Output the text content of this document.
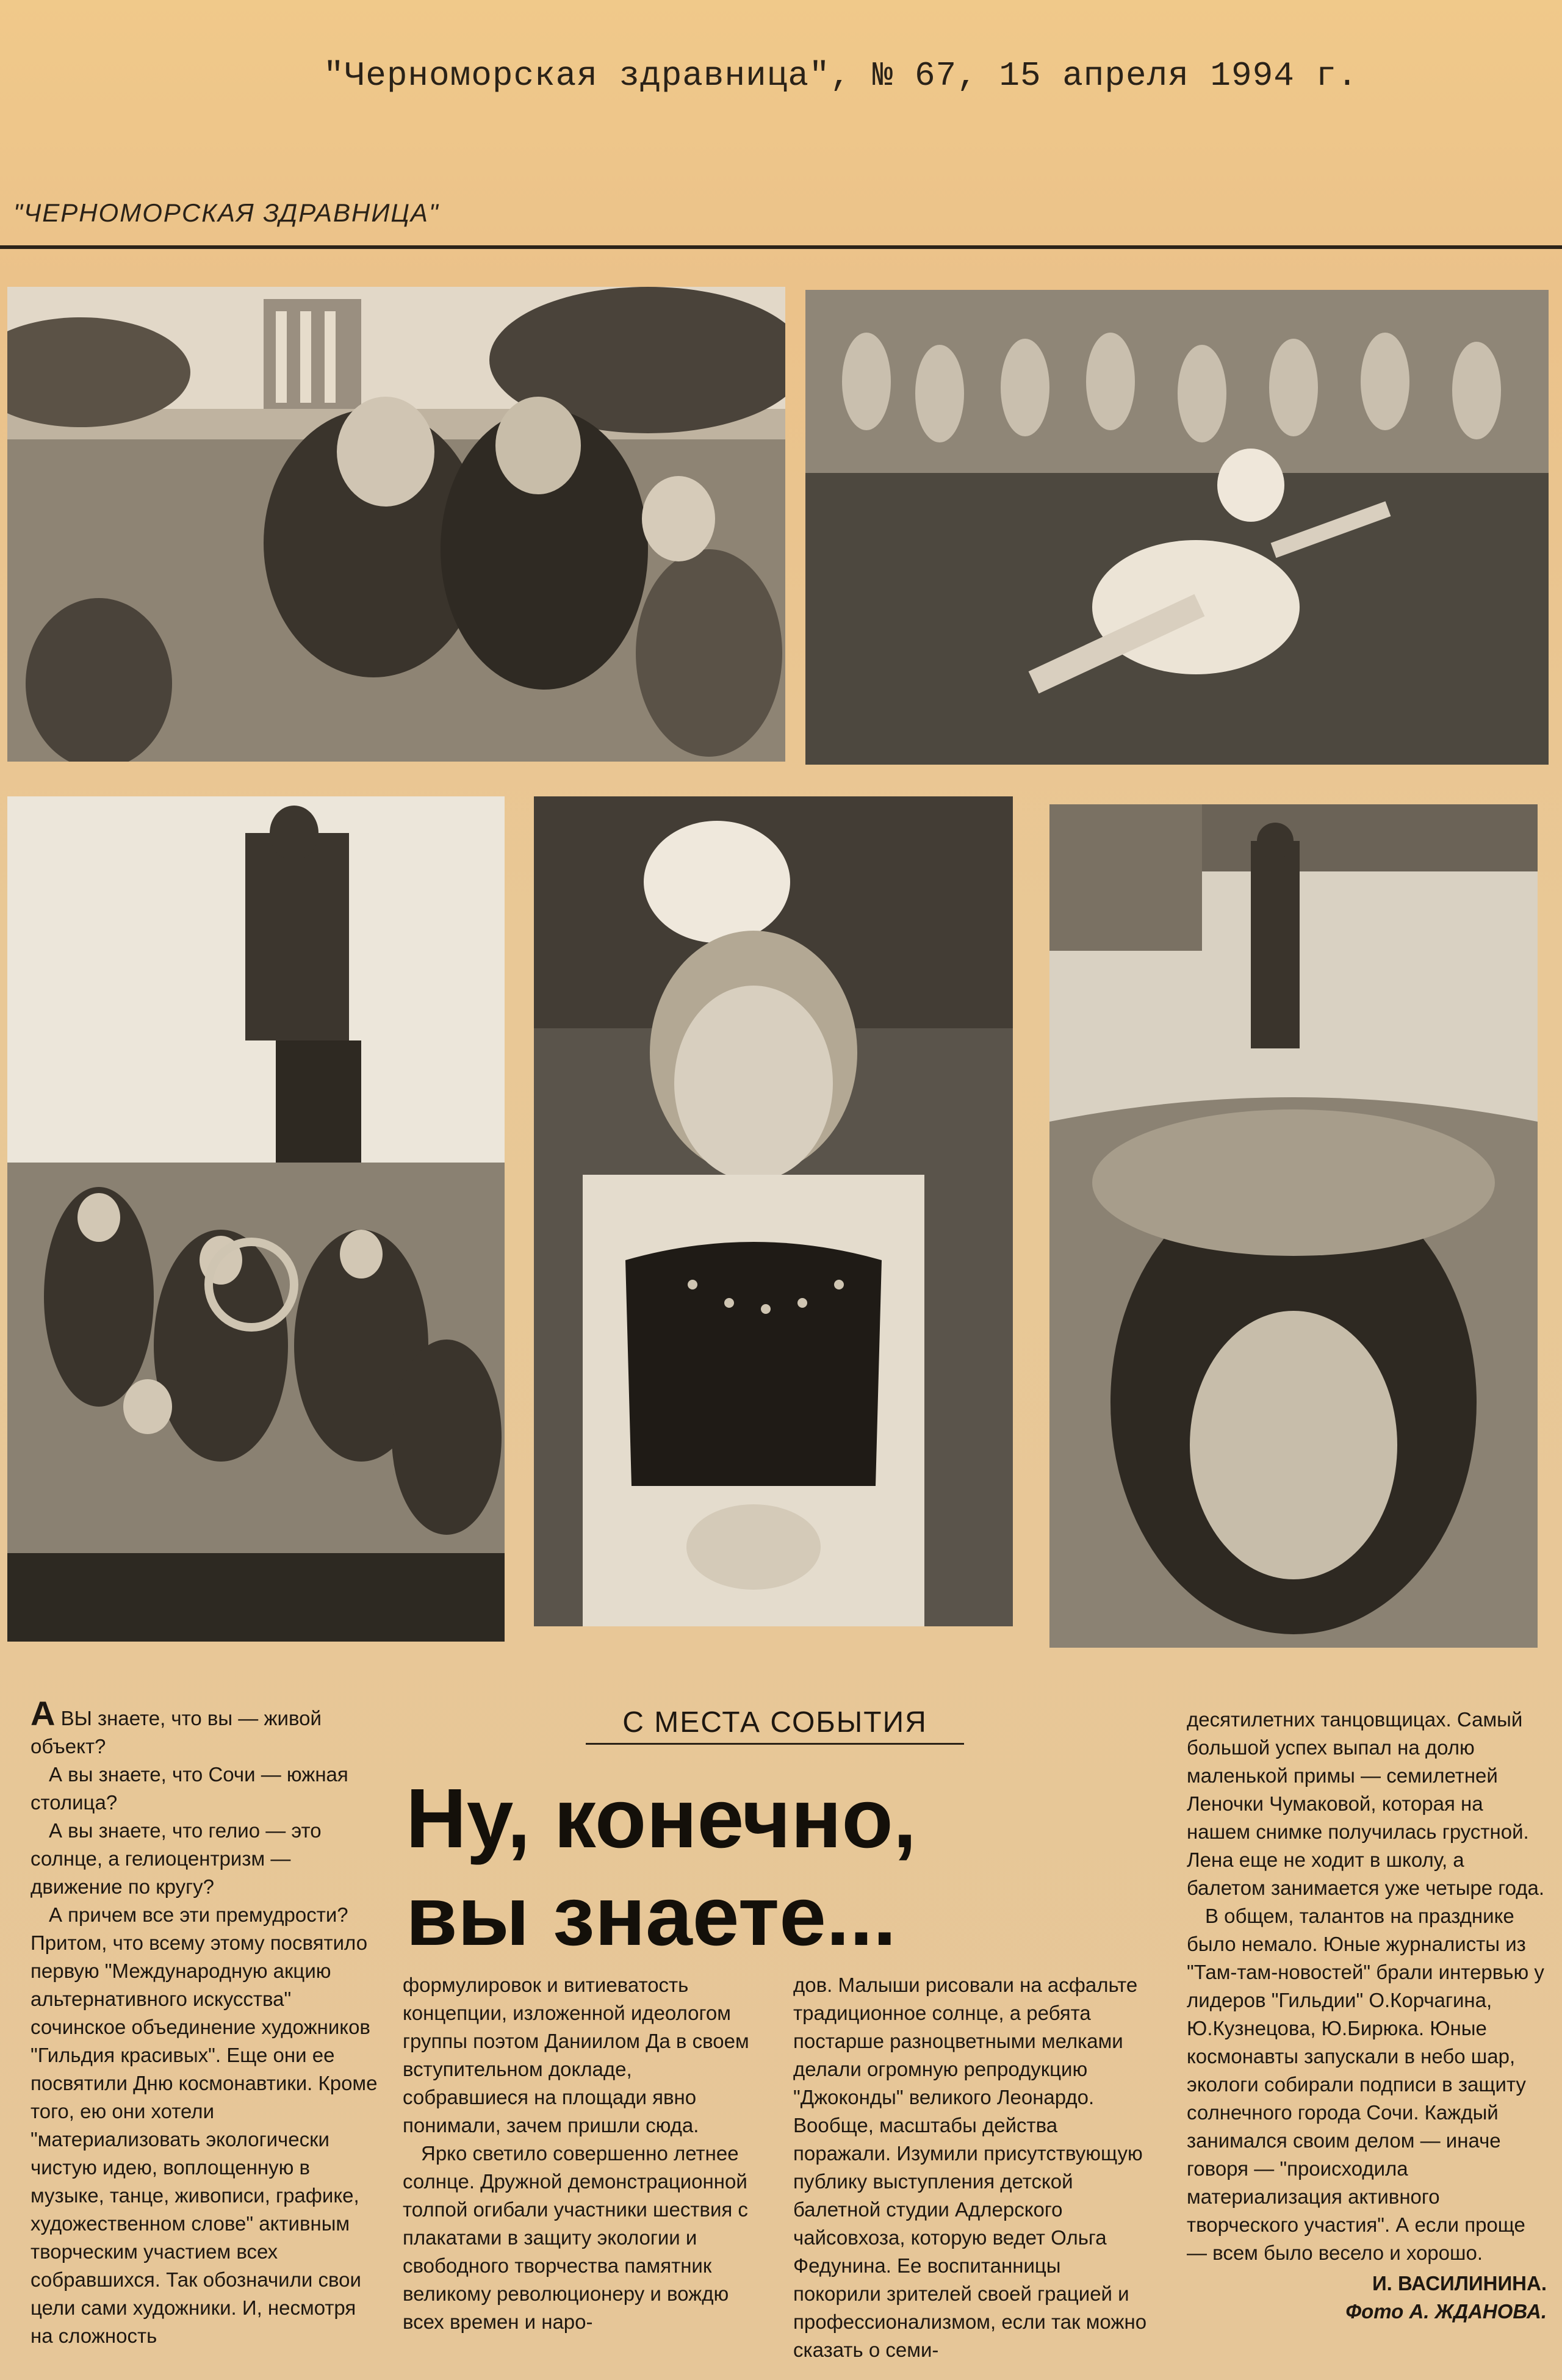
"Черноморская здравница", № 67, 15 апреля 1994 г.
"ЧЕРНОМОРСКАЯ ЗДРАВНИЦА"

А ВЫ знаете, что вы — живой объект?

А вы знаете, что Сочи — южная столица?

А вы знаете, что гелио — это солнце, а гелиоцентризм — движение по кругу?

А причем все эти премудрости? Притом, что всему этому посвятило первую "Международную акцию альтернативного искусства" сочинское объединение художников "Гильдия красивых". Еще они ее посвятили Дню космонавтики. Кроме того, ею они хотели "материализовать экологически чистую идею, воплощенную в музыке, танце, живописи, графике, художественном слове" активным творческим участием всех собравшихся. Так обозначили свои цели сами художники. И, несмотря на сложность

С МЕСТА СОБЫТИЯ
Ну, конечно,
вы знаете...

формулировок и витиеватость концепции, изложенной идеологом группы поэтом Даниилом Да в своем вступительном докладе, собравшиеся на площади явно понимали, зачем пришли сюда.

Ярко светило совершенно летнее солнце. Дружной демонстрационной толпой огибали участники шествия с плакатами в защиту экологии и свободного творчества памятник великому революционеру и вождю всех времен и наро-

дов. Малыши рисовали на асфальте традиционное солнце, а ребята постарше разноцветными мелками делали огромную репродукцию "Джоконды" великого Леонардо. Вообще, масштабы действа поражали. Изумили присутствующую публику выступления детской балетной студии Адлерского чайсовхоза, которую ведет Ольга Федунина. Ее воспитанницы покорили зрителей своей грацией и профессионализмом, если так можно сказать о семи-

десятилетних танцовщицах. Самый большой успех выпал на долю маленькой примы — семилетней Леночки Чумаковой, которая на нашем снимке получилась грустной. Лена еще не ходит в школу, а балетом занимается уже четыре года.

В общем, талантов на празднике было немало. Юные журналисты из "Там-там-новостей" брали интервью у лидеров "Гильдии" О.Корчагина, Ю.Кузнецова, Ю.Бирюка. Юные космонавты запускали в небо шар, экологи собирали подписи в защиту солнечного города Сочи. Каждый занимался своим делом — иначе говоря — "происходила материализация активного творческого участия". А если проще — всем было весело и хорошо.

И. ВАСИЛИНИНА.
Фото А. ЖДАНОВА.
